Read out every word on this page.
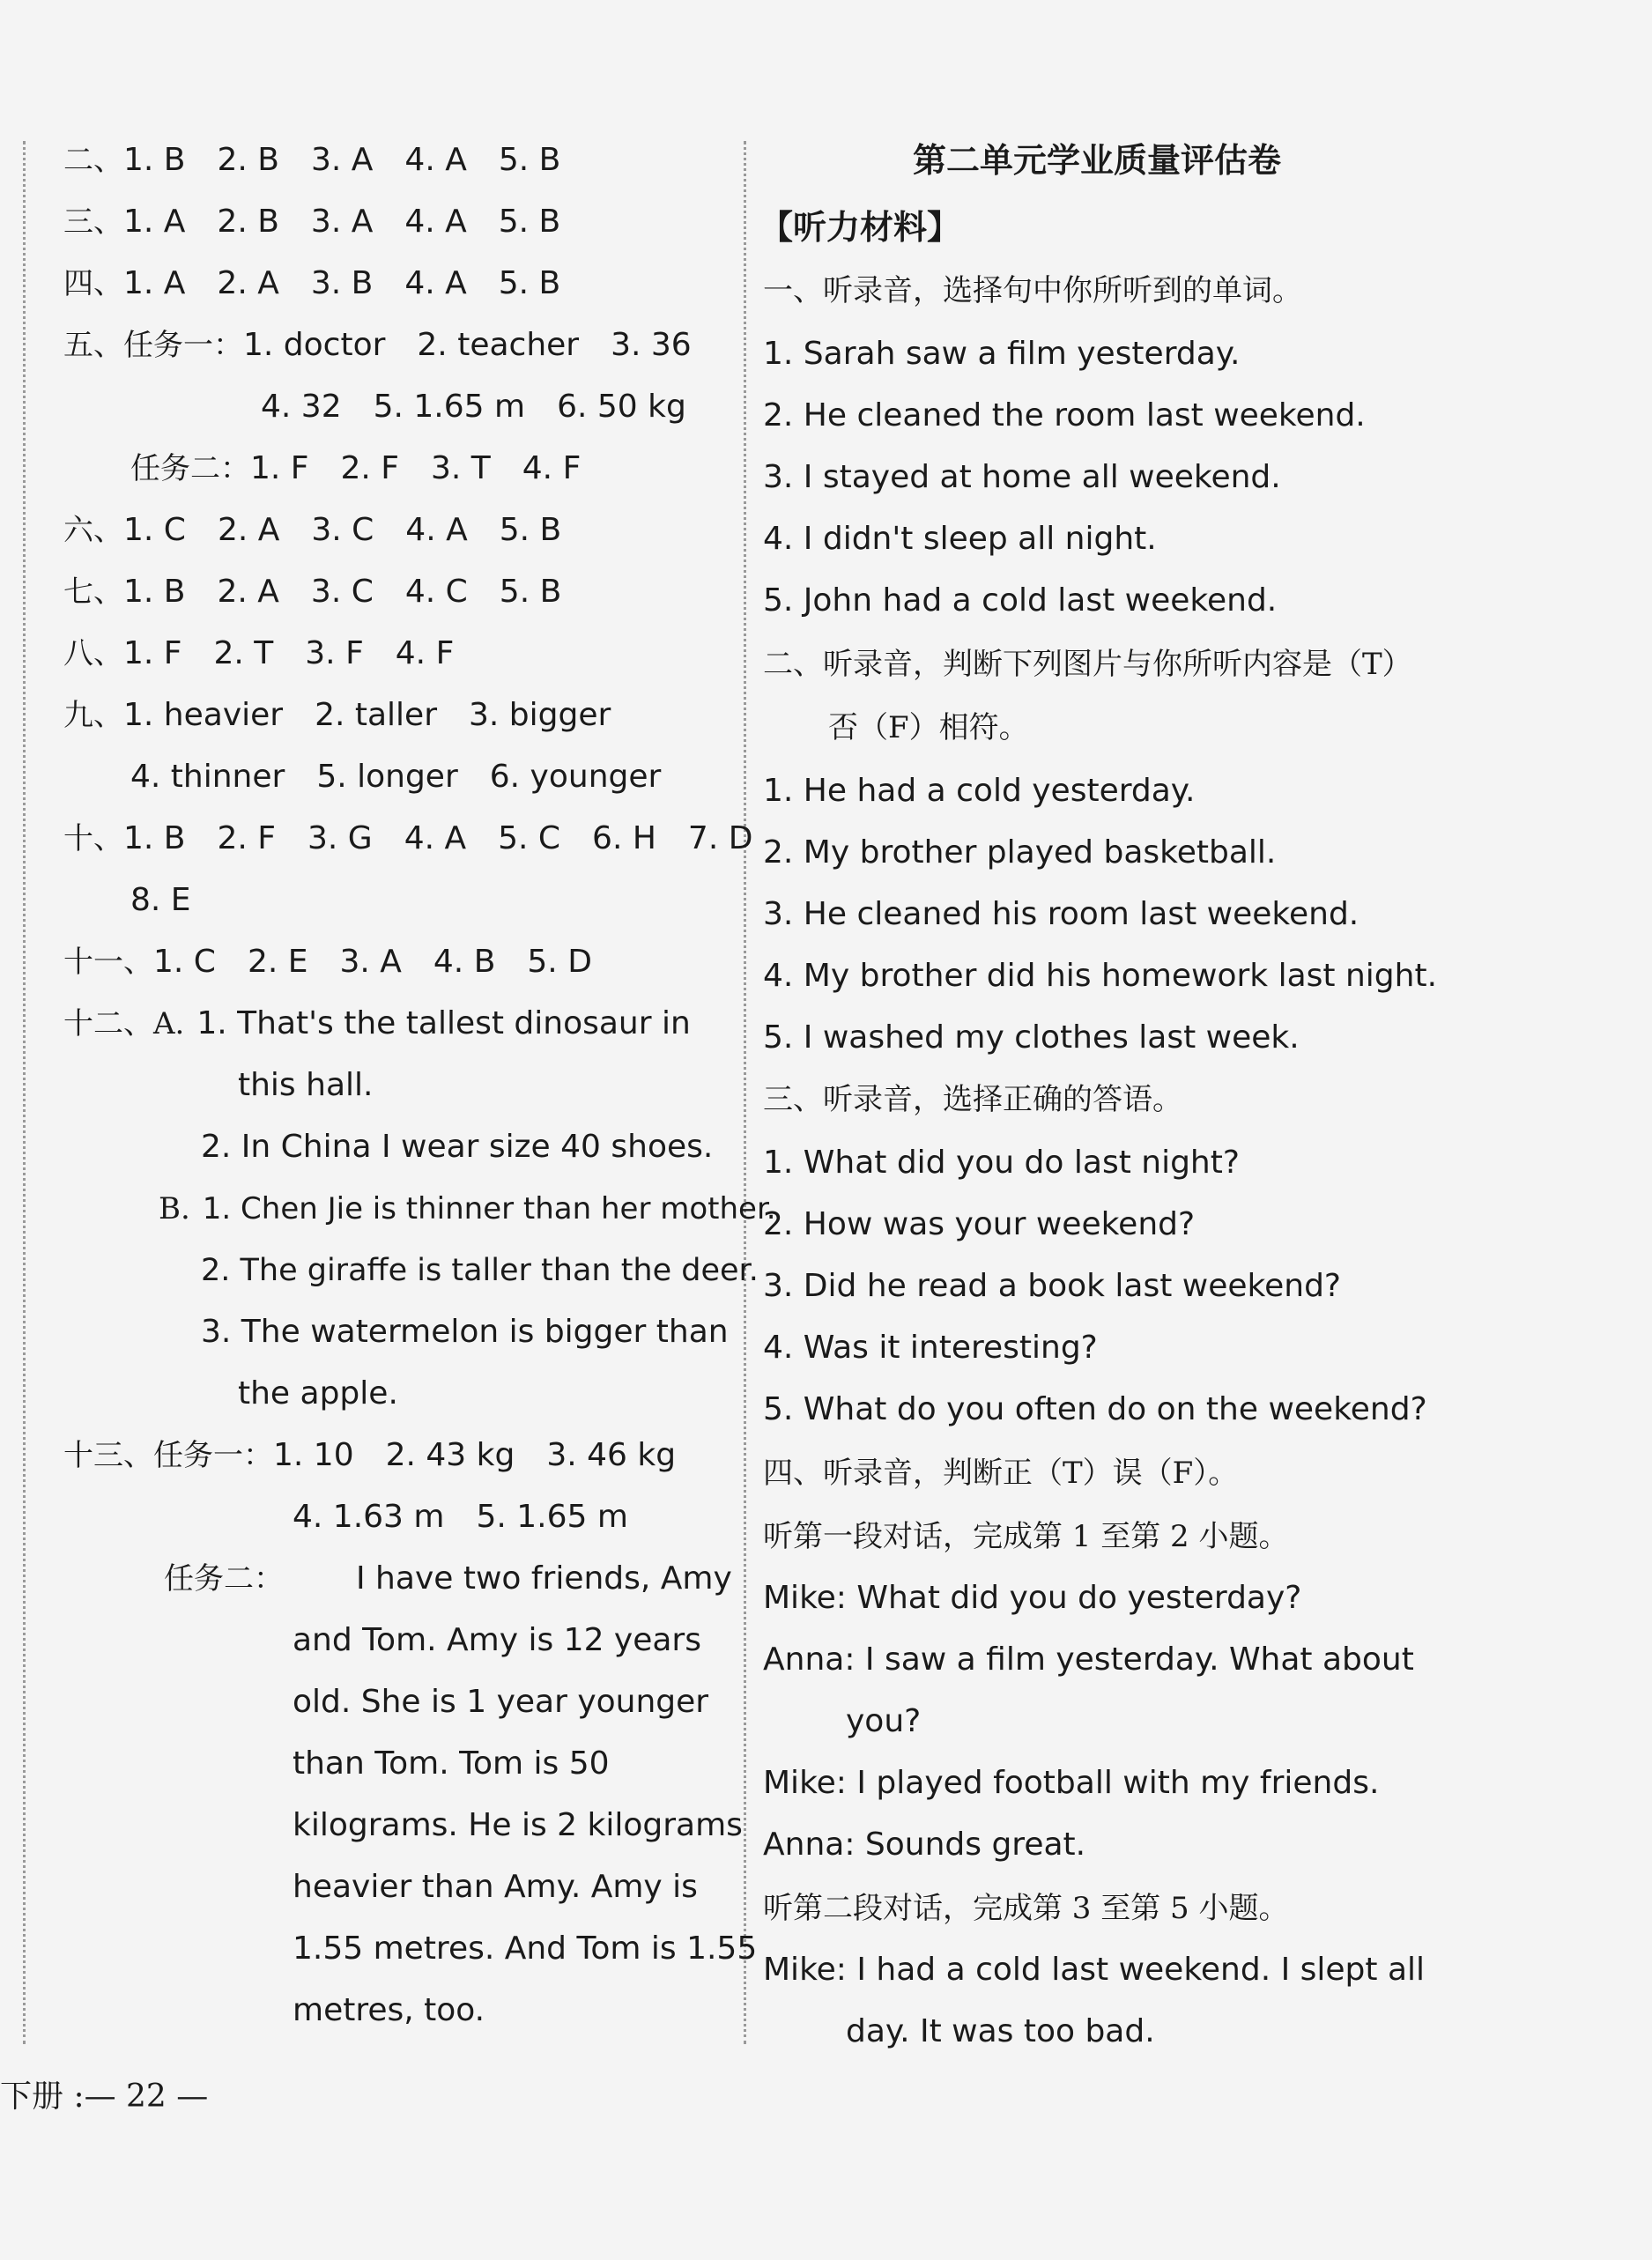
二、1. B 2. B 3. A 4. A 5. B
三、1. A 2. B 3. A 4. A 5. B
四、1. A 2. A 3. B 4. A 5. B
五、任务一：1. doctor 2. teacher 3. 36
4. 32 5. 1.65 m 6. 50 kg
任务二：1. F 2. F 3. T 4. F
六、1. C 2. A 3. C 4. A 5. B
七、1. B 2. A 3. C 4. C 5. B
八、1. F 2. T 3. F 4. F
九、1. heavier 2. taller 3. bigger
4. thinner 5. longer 6. younger
十、1. B 2. F 3. G 4. A 5. C 6. H 7. D
8. E
十一、1. C 2. E 3. A 4. B 5. D
十二、A. 1. That's the tallest dinosaur in
this hall.
2. In China I wear size 40 shoes.
B. 1. Chen Jie is thinner than her mother.
2. The giraffe is taller than the deer.
3. The watermelon is bigger than
the apple.
十三、任务一：1. 10 2. 43 kg 3. 46 kg
4. 1.63 m 5. 1.65 m
任务二： I have two friends, Amy
and Tom. Amy is 12 years
old. She is 1 year younger
than Tom. Tom is 50
kilograms. He is 2 kilograms
heavier than Amy. Amy is
1.55 metres. And Tom is 1.55
metres, too.
第二单元学业质量评估卷
【听力材料】
一、听录音，选择句中你所听到的单词。
1. Sarah saw a film yesterday.
2. He cleaned the room last weekend.
3. I stayed at home all weekend.
4. I didn't sleep all night.
5. John had a cold last weekend.
二、听录音，判断下列图片与你所听内容是（T）
否（F）相符。
1. He had a cold yesterday.
2. My brother played basketball.
3. He cleaned his room last weekend.
4. My brother did his homework last night.
5. I washed my clothes last week.
三、听录音，选择正确的答语。
1. What did you do last night?
2. How was your weekend?
3. Did he read a book last weekend?
4. Was it interesting?
5. What do you often do on the weekend?
四、听录音，判断正（T）误（F）。
听第一段对话，完成第 1 至第 2 小题。
Mike: What did you do yesterday?
Anna: I saw a film yesterday. What about
you?
Mike: I played football with my friends.
Anna: Sounds great.
听第二段对话，完成第 3 至第 5 小题。
Mike: I had a cold last weekend. I slept all
day. It was too bad.
下册 :— 22 —
